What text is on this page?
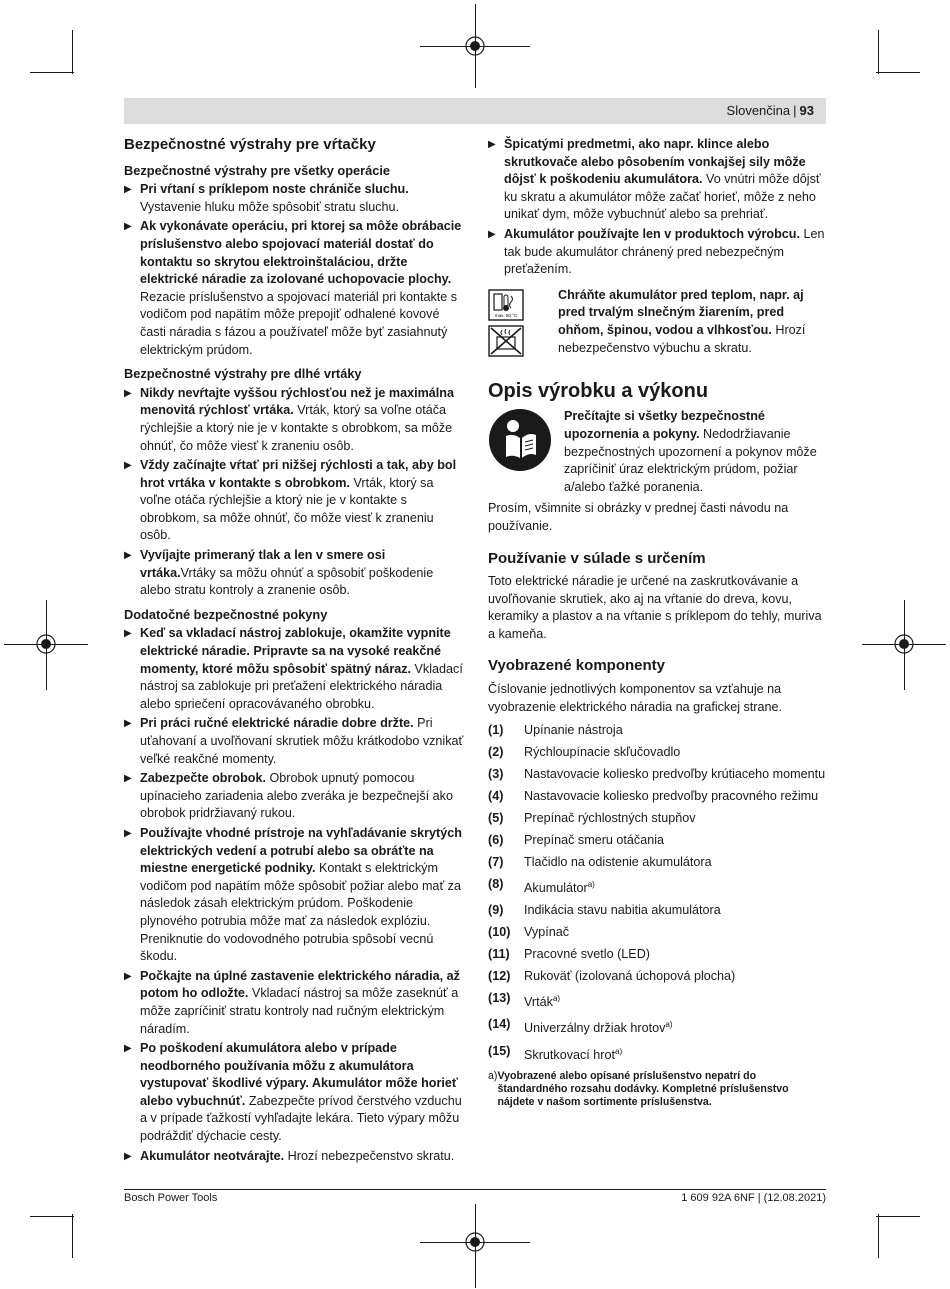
Slovenčina | 93
Bezpečnostné výstrahy pre vŕtačky
Bezpečnostné výstrahy pre všetky operácie
▶ Pri vŕtaní s príklepom noste chrániče sluchu. Vystavenie hluku môže spôsobiť stratu sluchu.
▶ Ak vykonávate operáciu, pri ktorej sa môže obrábacie príslušenstvo alebo spojovací materiál dostať do kontaktu so skrytou elektroinštaláciou, držte elektrické náradie za izolované uchopovacie plochy. Rezacie príslušenstvo a spojovací materiál pri kontakte s vodičom pod napätím môže prepojiť odhalené kovové časti náradia s fázou a používateľ môže byť zasiahnutý elektrickým prúdom.
Bezpečnostné výstrahy pre dlhé vrtáky
▶ Nikdy nevŕtajte vyššou rýchlosťou než je maximálna menovitá rýchlosť vrtáka. Vrták, ktorý sa voľne otáča rýchlejšie a ktorý nie je v kontakte s obrobkom, sa môže ohnúť, čo môže viesť k zraneniu osôb.
▶ Vždy začínajte vŕtať pri nižšej rýchlosti a tak, aby bol hrot vrtáka v kontakte s obrobkom. Vrták, ktorý sa voľne otáča rýchlejšie a ktorý nie je v kontakte s obrobkom, sa môže ohnúť, čo môže viesť k zraneniu osôb.
▶ Vyvíjajte primeraný tlak a len v smere osi vrtáka.Vrtáky sa môžu ohnúť a spôsobiť poškodenie alebo stratu kontroly a zranenie osôb.
Dodatočné bezpečnostné pokyny
▶ Keď sa vkladací nástroj zablokuje, okamžite vypnite elektrické náradie. Pripravte sa na vysoké reakčné momenty, ktoré môžu spôsobiť spätný náraz. Vkladací nástroj sa zablokuje pri preťažení elektrického náradia alebo spriečení opracovávaného obrobku.
▶ Pri práci ručné elektrické náradie dobre držte. Pri uťahovaní a uvoľňovaní skrutiek môžu krátkodobo vznikať veľké reakčné momenty.
▶ Zabezpečte obrobok. Obrobok upnutý pomocou upínacieho zariadenia alebo zveráka je bezpečnejší ako obrobok pridržiavaný rukou.
▶ Používajte vhodné prístroje na vyhľadávanie skrytých elektrických vedení a potrubí alebo sa obráťte na miestne energetické podniky. Kontakt s elektrickým vodičom pod napätím môže spôsobiť požiar alebo mať za následok zásah elektrickým prúdom. Poškodenie plynového potrubia môže mať za následok explóziu. Preniknutie do vodovodného potrubia spôsobí vecnú škodu.
▶ Počkajte na úplné zastavenie elektrického náradia, až potom ho odložte. Vkladací nástroj sa môže zaseknúť a môže zapríčiniť stratu kontroly nad ručným elektrickým náradím.
▶ Po poškodení akumulátora alebo v prípade neodborného používania môžu z akumulátora vystupovať škodlivé výpary. Akumulátor môže horieť alebo vybuchnúť. Zabezpečte prívod čerstvého vzduchu a v prípade ťažkostí vyhľadajte lekára. Tieto výpary môžu podráždiť dýchacie cesty.
▶ Akumulátor neotvárajte. Hrozí nebezpečenstvo skratu.
▶ Špicatými predmetmi, ako napr. klince alebo skrutkovače alebo pôsobením vonkajšej sily môže dôjsť k poškodeniu akumulátora. Vo vnútri môže dôjsť ku skratu a akumulátor môže začať horieť, môže z neho unikať dym, môže vybuchnúť alebo sa prehriať.
▶ Akumulátor používajte len v produktoch výrobcu. Len tak bude akumulátor chránený pred nebezpečným preťažením.
max. 50 °C
Chráňte akumulátor pred teplom, napr. aj pred trvalým slnečným žiarením, pred ohňom, špinou, vodou a vlhkosťou. Hrozí nebezpečenstvo výbuchu a skratu.
Opis výrobku a výkonu
Prečítajte si všetky bezpečnostné upozornenia a pokyny. Nedodržiavanie bezpečnostných upozornení a pokynov môže zapríčiniť úraz elektrickým prúdom, požiar a/alebo ťažké poranenia.
Prosím, všimnite si obrázky v prednej časti návodu na používanie.
Používanie v súlade s určením
Toto elektrické náradie je určené na zaskrutkovávanie a uvoľňovanie skrutiek, ako aj na vŕtanie do dreva, kovu, keramiky a plastov a na vŕtanie s príklepom do tehly, muriva a kameňa.
Vyobrazené komponenty
Číslovanie jednotlivých komponentov sa vzťahuje na vyobrazenie elektrického náradia na grafickej strane.
(1)	Upínanie nástroja
(2)	Rýchloupínacie skľučovadlo
(3)	Nastavovacie koliesko predvoľby krútiaceho momentu
(4)	Nastavovacie koliesko predvoľby pracovného režimu
(5)	Prepínač rýchlostných stupňov
(6)	Prepínač smeru otáčania
(7)	Tlačidlo na odistenie akumulátora
(8)	Akumulátor$^{a)}$
(9)	Indikácia stavu nabitia akumulátora
(10)	Vypínač
(11)	Pracovné svetlo (LED)
(12)	Rukoväť (izolovaná úchopová plocha)
(13)	Vrták$^{a)}$
(14)	Univerzálny držiak hrotov$^{a)}$
(15)	Skrutkovací hrot$^{a)}$
a) Vyobrazené alebo opísané príslušenstvo nepatrí do štandardného rozsahu dodávky. Kompletné príslušenstvo nájdete v našom sortimente príslušenstva.
Bosch Power Tools	1 609 92A 6NF | (12.08.2021)
